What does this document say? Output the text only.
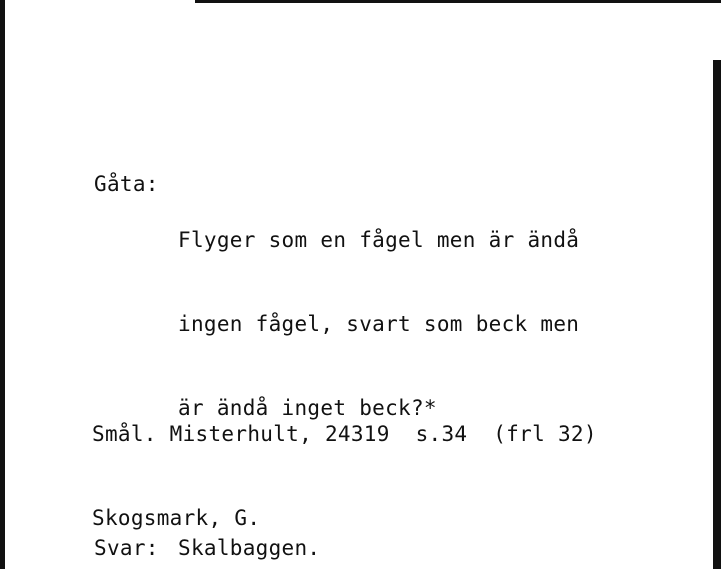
Gåta:

Flyger som en fågel men är ändå

ingen fågel, svart som beck men

är ändå inget beck?*

Svar: Skalbaggen.

Smål. Misterhult, 24319  s.34  (frl 32)

Skogsmark, G.
